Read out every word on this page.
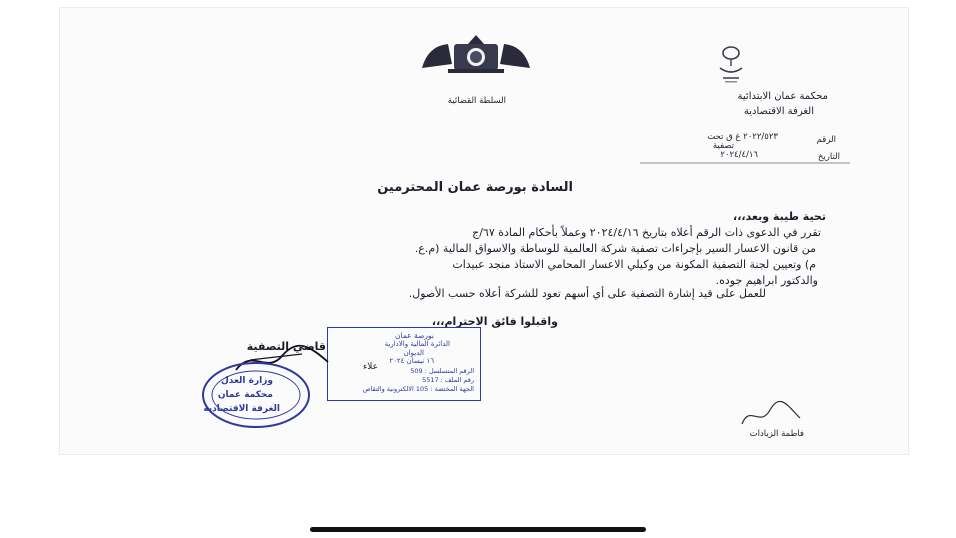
محكمة عمان الابتدائية
الغرفة الاقتصادية
السلطة القضائية
الرقم
٢٠٢٢/٥٢٣ غ ق تحت
تصفية
التاريخ
٢٠٢٤/٤/١٦
السادة بورصة عمان المحترمين
تحية طيبة وبعد،،،
تقرر في الدعوى ذات الرقم أعلاه بتاريخ ٢٠٢٤/٤/١٦ وعملاً بأحكام المادة ٦٧/ج
من قانون الاعسار السير بإجراءات تصفية شركة العالمية للوساطة والاسواق المالية (م.ع.
م) وتعيين لجنة التصفية المكونة من وكيلي الاعسار المحامي الاستاذ منجد عبيدات
والدكتور ابراهيم جوده.
للعمل على قيد إشارة التصفية على أي أسهم تعود للشركة أعلاه حسب الأصول.
واقبلوا فائق الاحترام،،،
بورصة عمان
الدائرة المالية والادارية
الديوان
١٦ نيسان ٢٠٢٤
الرقم المتسلسل : 509
رقم الملف : 5517
الجهة المختصة : 105 الالكترونية والتقاص
قاضي التصفية
علاء
وزارة العدل
محكمة عمان
الغرفة الاقتصادية
فاطمة الزيادات
